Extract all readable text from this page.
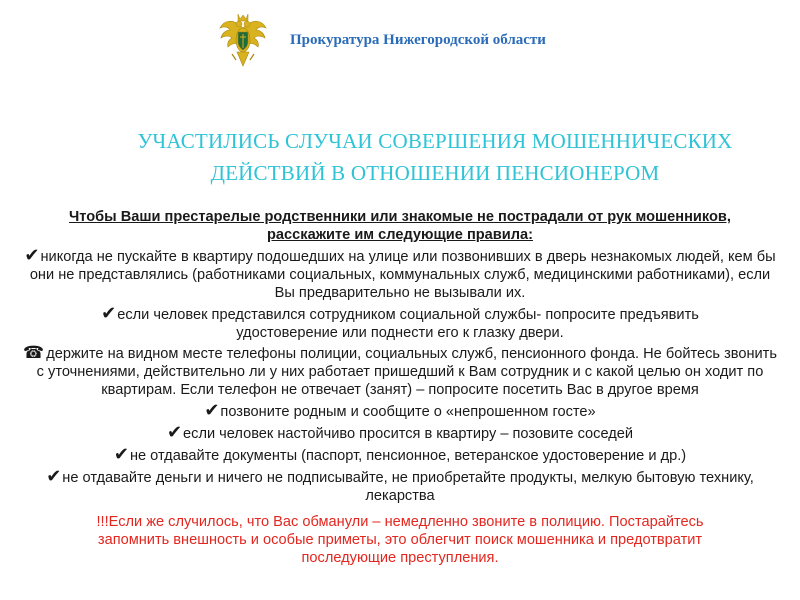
Прокуратура Нижегородской области
УЧАСТИЛИСЬ СЛУЧАИ СОВЕРШЕНИЯ МОШЕННИЧЕСКИХ
ДЕЙСТВИЙ В ОТНОШЕНИИ ПЕНСИОНЕРОМ
Чтобы Ваши престарелые родственники или знакомые не пострадали от рук мошенников,
расскажите им следующие правила:
✔никогда не пускайте в квартиру подошедших на улице или позвонивших в дверь незнакомых людей, кем бы они не представлялись (работниками социальных, коммунальных служб, медицинскими работниками), если Вы предварительно не вызывали их.
✔если человек представился сотрудником социальной службы- попросите предъявить удостоверение или поднести его к глазку двери.
☎ держите на видном месте телефоны полиции, социальных служб, пенсионного фонда. Не бойтесь звонить с уточнениями, действительно ли у них работает пришедший к Вам сотрудник и с какой целью он ходит по квартирам. Если телефон не отвечает (занят) – попросите посетить Вас в другое время
✔позвоните родным и сообщите о «непрошенном госте»
✔если человек настойчиво просится в квартиру – позовите соседей
✔не отдавайте документы (паспорт, пенсионное, ветеранское удостоверение и др.)
✔не отдавайте деньги и ничего не подписывайте, не приобретайте продукты, мелкую бытовую технику, лекарства
!!!Если же случилось, что Вас обманули – немедленно звоните в полицию. Постарайтесь запомнить внешность и особые приметы, это облегчит поиск мошенника и предотвратит последующие преступления.
